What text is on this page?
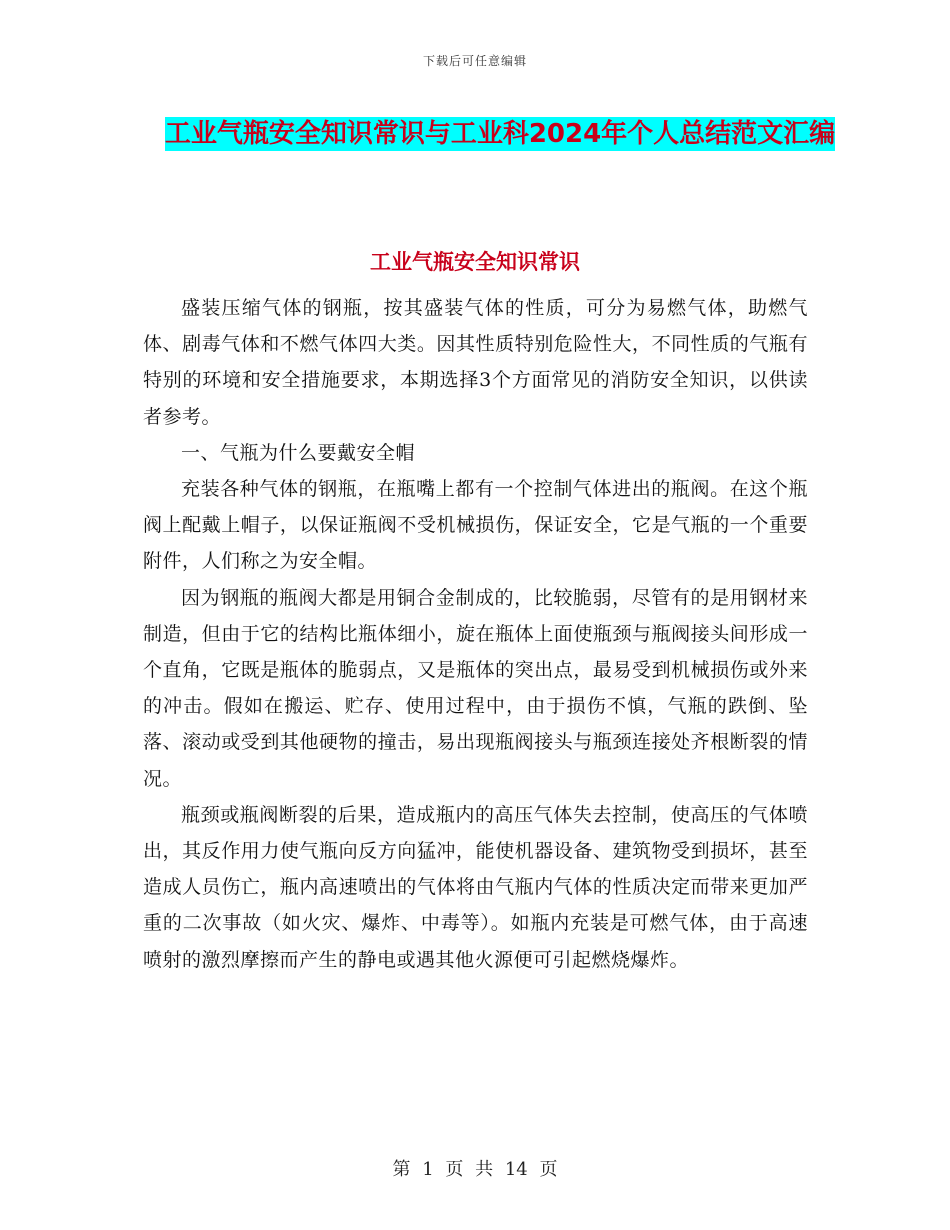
下载后可任意编辑
工业气瓶安全知识常识与工业科2024年个人总结范文汇编
工业气瓶安全知识常识

盛装压缩气体的钢瓶，按其盛装气体的性质，可分为易燃气体，助燃气体、剧毒气体和不燃气体四大类。因其性质特别危险性大，不同性质的气瓶有特别的环境和安全措施要求，本期选择3个方面常见的消防安全知识，以供读者参考。

一、气瓶为什么要戴安全帽

充装各种气体的钢瓶，在瓶嘴上都有一个控制气体进出的瓶阀。在这个瓶阀上配戴上帽子，以保证瓶阀不受机械损伤，保证安全，它是气瓶的一个重要附件，人们称之为安全帽。

因为钢瓶的瓶阀大都是用铜合金制成的，比较脆弱，尽管有的是用钢材来制造，但由于它的结构比瓶体细小，旋在瓶体上面使瓶颈与瓶阀接头间形成一个直角，它既是瓶体的脆弱点，又是瓶体的突出点，最易受到机械损伤或外来的冲击。假如在搬运、贮存、使用过程中，由于损伤不慎，气瓶的跌倒、坠落、滚动或受到其他硬物的撞击，易出现瓶阀接头与瓶颈连接处齐根断裂的情况。

瓶颈或瓶阀断裂的后果，造成瓶内的高压气体失去控制，使高压的气体喷出，其反作用力使气瓶向反方向猛冲，能使机器设备、建筑物受到损坏，甚至造成人员伤亡，瓶内高速喷出的气体将由气瓶内气体的性质决定而带来更加严重的二次事故（如火灾、爆炸、中毒等）。如瓶内充装是可燃气体，由于高速喷射的激烈摩擦而产生的静电或遇其他火源便可引起燃烧爆炸。

第 1 页 共 14 页
